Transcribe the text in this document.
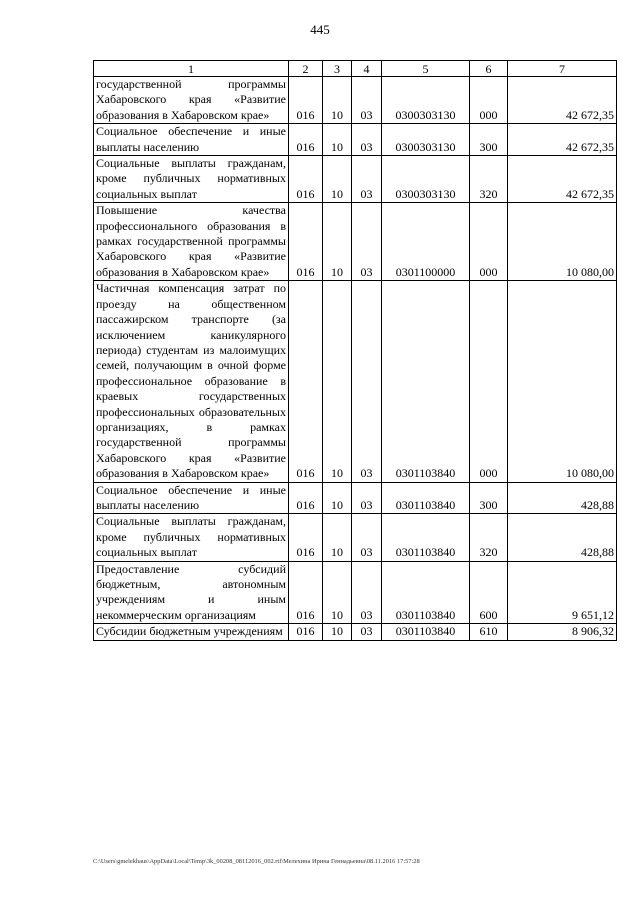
445
1	2	3	4	5	6	7
государственной программы Хабаровского края «Развитие образования в Хабаровском крае»	016	10	03	0300303130	000	42 672,35
Социальное обеспечение и иные выплаты населению	016	10	03	0300303130	300	42 672,35
Социальные выплаты гражданам, кроме публичных нормативных социальных выплат	016	10	03	0300303130	320	42 672,35
Повышение качества профессионального образования в рамках государственной программы Хабаровского края «Развитие образования в Хабаровском крае»	016	10	03	0301100000	000	10 080,00
Частичная компенсация затрат по проезду на общественном пассажирском транспорте (за исключением каникулярного периода) студентам из малоимущих семей, получающим в очной форме профессиональное образование в краевых государственных профессиональных образовательных организациях, в рамках государственной программы Хабаровского края «Развитие образования в Хабаровском крае»	016	10	03	0301103840	000	10 080,00
Социальное обеспечение и иные выплаты населению	016	10	03	0301103840	300	428,88
Социальные выплаты гражданам, кроме публичных нормативных социальных выплат	016	10	03	0301103840	320	428,88
Предоставление субсидий бюджетным, автономным учреждениям и иным некоммерческим организациям	016	10	03	0301103840	600	9 651,12
Субсидии бюджетным учреждениям	016	10	03	0301103840	610	8 906,32
C:\Users\gmelekhaus\AppData\Local\Temp\3k_00208_08112016_002.rtf\Мелехина Ирина Геннадьевна\08.11.2016 17:57:28
